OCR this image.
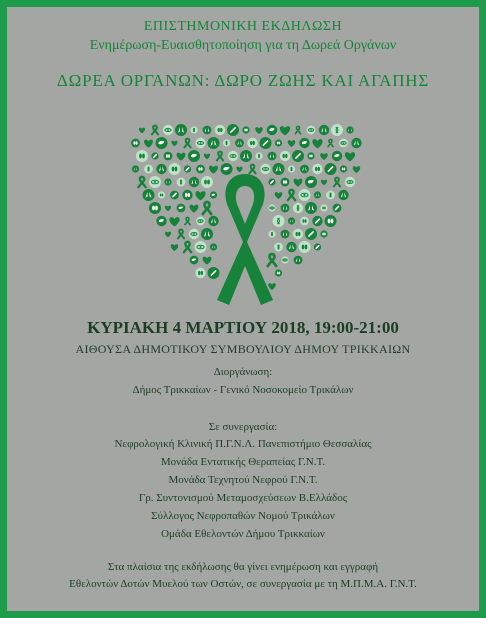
ΕΠΙΣΤΗΜΟΝΙΚΗ ΕΚΔΗΛΩΣΗ

Ενημέρωση-Ευαισθητοποίηση για τη Δωρεά Οργάνων

ΔΩΡΕΑ ΟΡΓΑΝΩΝ: ΔΩΡΟ ΖΩΗΣ ΚΑΙ ΑΓΑΠΗΣ

ΚΥΡΙΑΚΗ 4 ΜΑΡΤΙΟΥ 2018, 19:00-21:00

ΑΙΘΟΥΣΑ ΔΗΜΟΤΙΚΟΥ ΣΥΜΒΟΥΛΙΟΥ ΔΗΜΟΥ ΤΡΙΚΚΑΙΩΝ

Διοργάνωση:

Δήμος Τρικκαίων - Γενικό Νοσοκομείο Τρικάλων

Σε συνεργασία:

Νεφρολογική Κλινική Π.Γ.Ν.Λ. Πανεπιστήμιο Θεσσαλίας

Μονάδα Εντατικής Θεραπείας Γ.Ν.Τ.

Μονάδα Τεχνητού Νεφρού Γ.Ν.Τ.

Γρ. Συντονισμού Μεταμοσχεύσεων Β.Ελλάδος

Σύλλογος Νεφροπαθών Νομού Τρικάλων

Ομάδα Εθελοντών Δήμου Τρικκαίων

Στα πλαίσια της εκδήλωσης θα γίνει ενημέρωση και εγγραφή

Εθελοντών Δοτών Μυελού των Οστών, σε συνεργασία με τη Μ.Π.Μ.Α. Γ.Ν.Τ.
